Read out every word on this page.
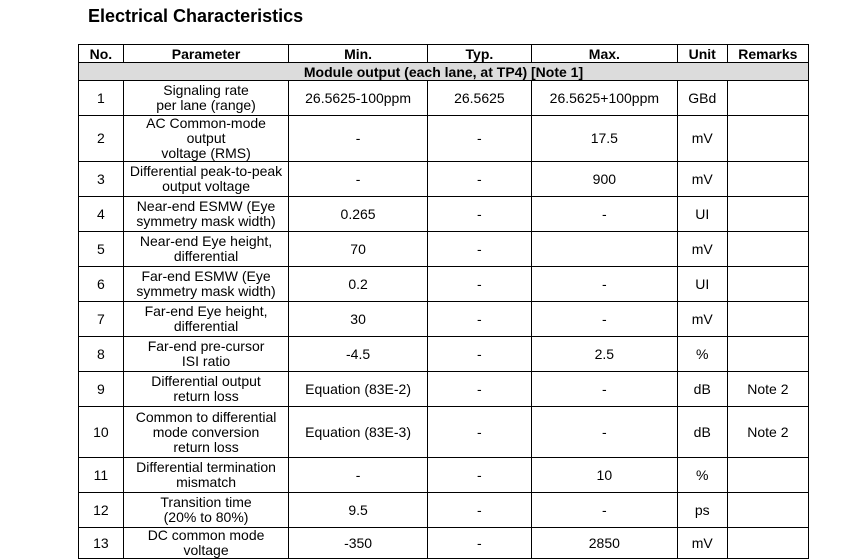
Electrical Characteristics
No.	Parameter	Min.	Typ.	Max.	Unit	Remarks
Module output (each lane, at TP4) [Note 1]						
1	Signaling rate
per lane (range)	26.5625-100ppm	26.5625	26.5625+100ppm	GBd	
2	AC Common-mode output
voltage (RMS)	-	-	17.5	mV	
3	Differential peak-to-peak
output voltage	-	-	900	mV	
4	Near-end ESMW (Eye
symmetry mask width)	0.265	-	-	UI	
5	Near-end Eye height,
differential	70	-		mV	
6	Far-end ESMW (Eye
symmetry mask width)	0.2	-	-	UI	
7	Far-end Eye height,
differential	30	-	-	mV	
8	Far-end pre-cursor
ISI ratio	-4.5	-	2.5	%	
9	Differential output
return loss	Equation (83E-2)	-	-	dB	Note 2
10	Common to differential
mode conversion
return loss	Equation (83E-3)	-	-	dB	Note 2
11	Differential termination
mismatch	-	-	10	%	
12	Transition time
(20% to 80%)	9.5	-	-	ps	
13	DC common mode voltage	-350	-	2850	mV	
